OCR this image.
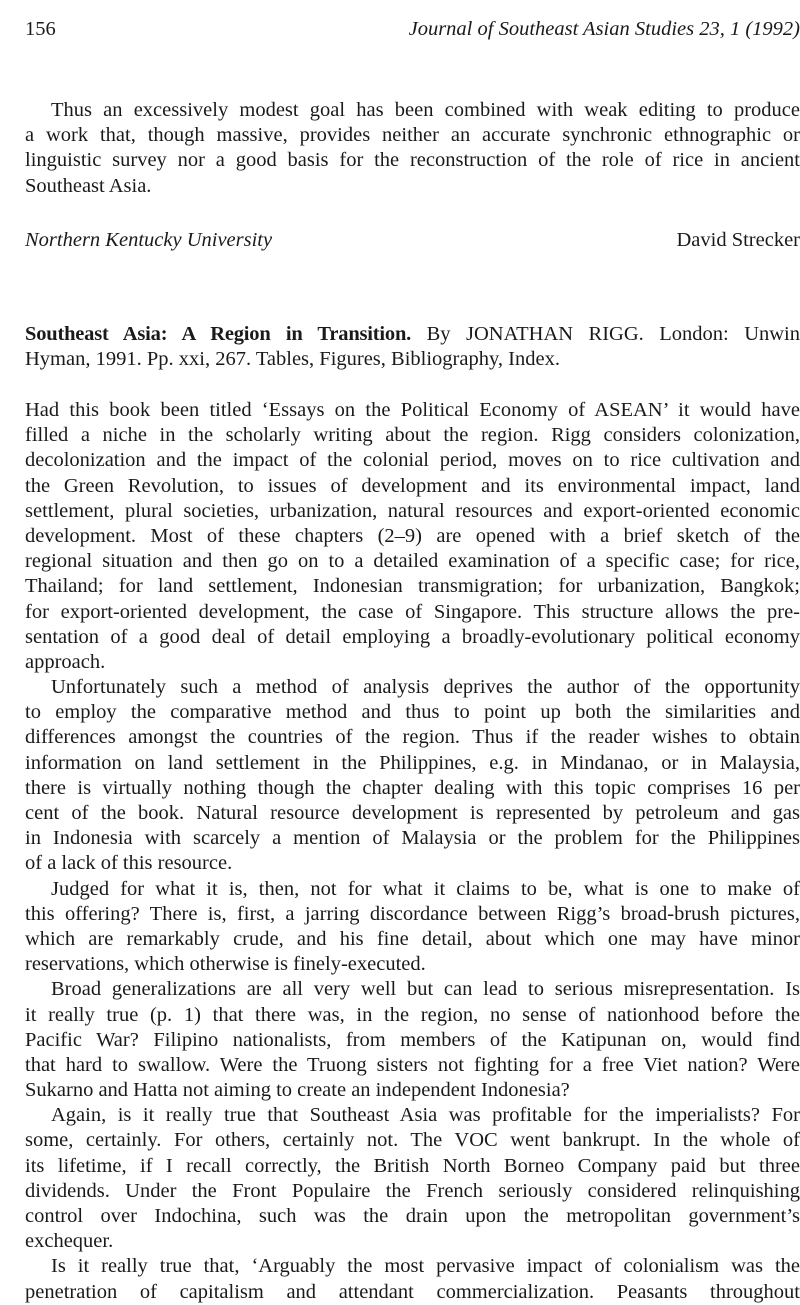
156	Journal of Southeast Asian Studies 23, 1 (1992)
Thus an excessively modest goal has been combined with weak editing to produce
a work that, though massive, provides neither an accurate synchronic ethnographic or
linguistic survey nor a good basis for the reconstruction of the role of rice in ancient
Southeast Asia.
Northern Kentucky University	David Strecker
Southeast Asia: A Region in Transition. By JONATHAN RIGG. London: Unwin
Hyman, 1991. Pp. xxi, 267. Tables, Figures, Bibliography, Index.
Had this book been titled ‘Essays on the Political Economy of ASEAN’ it would have
filled a niche in the scholarly writing about the region. Rigg considers colonization,
decolonization and the impact of the colonial period, moves on to rice cultivation and
the Green Revolution, to issues of development and its environmental impact, land
settlement, plural societies, urbanization, natural resources and export-oriented economic
development. Most of these chapters (2–9) are opened with a brief sketch of the
regional situation and then go on to a detailed examination of a specific case; for rice,
Thailand; for land settlement, Indonesian transmigration; for urbanization, Bangkok;
for export-oriented development, the case of Singapore. This structure allows the pre-
sentation of a good deal of detail employing a broadly-evolutionary political economy
approach.
Unfortunately such a method of analysis deprives the author of the opportunity
to employ the comparative method and thus to point up both the similarities and
differences amongst the countries of the region. Thus if the reader wishes to obtain
information on land settlement in the Philippines, e.g. in Mindanao, or in Malaysia,
there is virtually nothing though the chapter dealing with this topic comprises 16 per
cent of the book. Natural resource development is represented by petroleum and gas
in Indonesia with scarcely a mention of Malaysia or the problem for the Philippines
of a lack of this resource.
Judged for what it is, then, not for what it claims to be, what is one to make of
this offering? There is, first, a jarring discordance between Rigg’s broad-brush pictures,
which are remarkably crude, and his fine detail, about which one may have minor
reservations, which otherwise is finely-executed.
Broad generalizations are all very well but can lead to serious misrepresentation. Is
it really true (p. 1) that there was, in the region, no sense of nationhood before the
Pacific War? Filipino nationalists, from members of the Katipunan on, would find
that hard to swallow. Were the Truong sisters not fighting for a free Viet nation? Were
Sukarno and Hatta not aiming to create an independent Indonesia?
Again, is it really true that Southeast Asia was profitable for the imperialists? For
some, certainly. For others, certainly not. The VOC went bankrupt. In the whole of
its lifetime, if I recall correctly, the British North Borneo Company paid but three
dividends. Under the Front Populaire the French seriously considered relinquishing
control over Indochina, such was the drain upon the metropolitan government’s
exchequer.
Is it really true that, ‘Arguably the most pervasive impact of colonialism was the
penetration of capitalism and attendant commercialization. Peasants throughout
